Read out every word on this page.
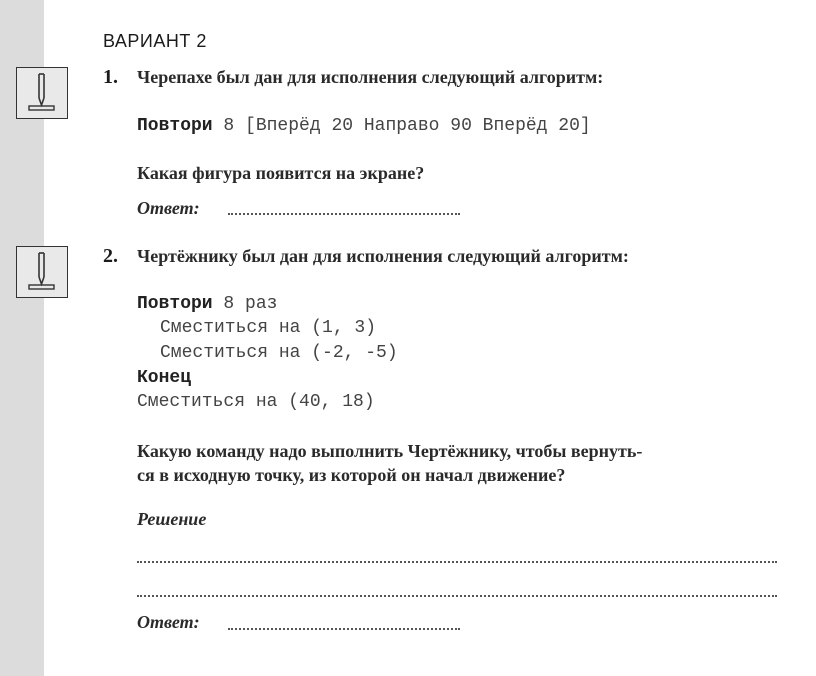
ВАРИАНТ 2
1. Черепахе был дан для исполнения следующий алгоритм:
Повтори 8 [Вперёд 20 Направо 90 Вперёд 20]
Какая фигура появится на экране?
Ответ:
2. Чертёжнику был дан для исполнения следующий алгоритм:
Повтори 8 раз
Сместиться на (1, 3)
Сместиться на (-2, -5)
Конец
Сместиться на (40, 18)
Какую команду надо выполнить Чертёжнику, чтобы вернуть-
ся в исходную точку, из которой он начал движение?
Решение
Ответ:
